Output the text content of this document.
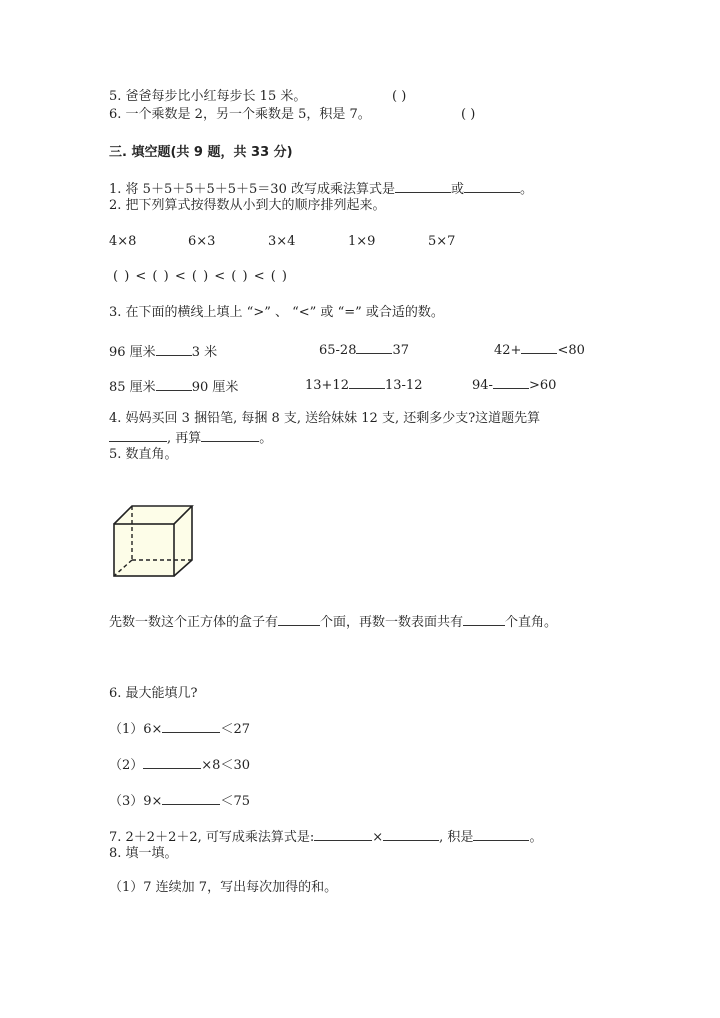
5. 爸爸每步比小红每步长 15 米。	( )
6. 一个乘数是 2，另一个乘数是 5，积是 7。	( )
三. 填空题(共 9 题，共 33 分)
1. 将 5＋5＋5＋5＋5＋5＝30 改写成乘法算式是	或	。
2. 把下列算式按得数从小到大的顺序排列起来。
4×8	6×3	3×4	1×9	5×7
( ) < ( ) < ( ) < ( ) < ( )
3. 在下面的横线上填上 “>” 、 “<” 或 “=” 或合适的数。
96 厘米	3 米	65-28	37	42+	<80
85 厘米	90 厘米	13+12	13-12	94-	>60
4. 妈妈买回 3 捆铅笔, 每捆 8 支, 送给妹妹 12 支, 还剩多少支?这道题先算
, 再算	。
5. 数直角。
先数一数这个正方体的盒子有	个面，再数一数表面共有	个直角。
6. 最大能填几?
（1）6×	＜27
（2）	×8＜30
（3）9×	＜75
7. 2＋2＋2＋2, 可写成乘法算式是:	×	, 积是	。
8. 填一填。
（1）7 连续加 7，写出每次加得的和。
